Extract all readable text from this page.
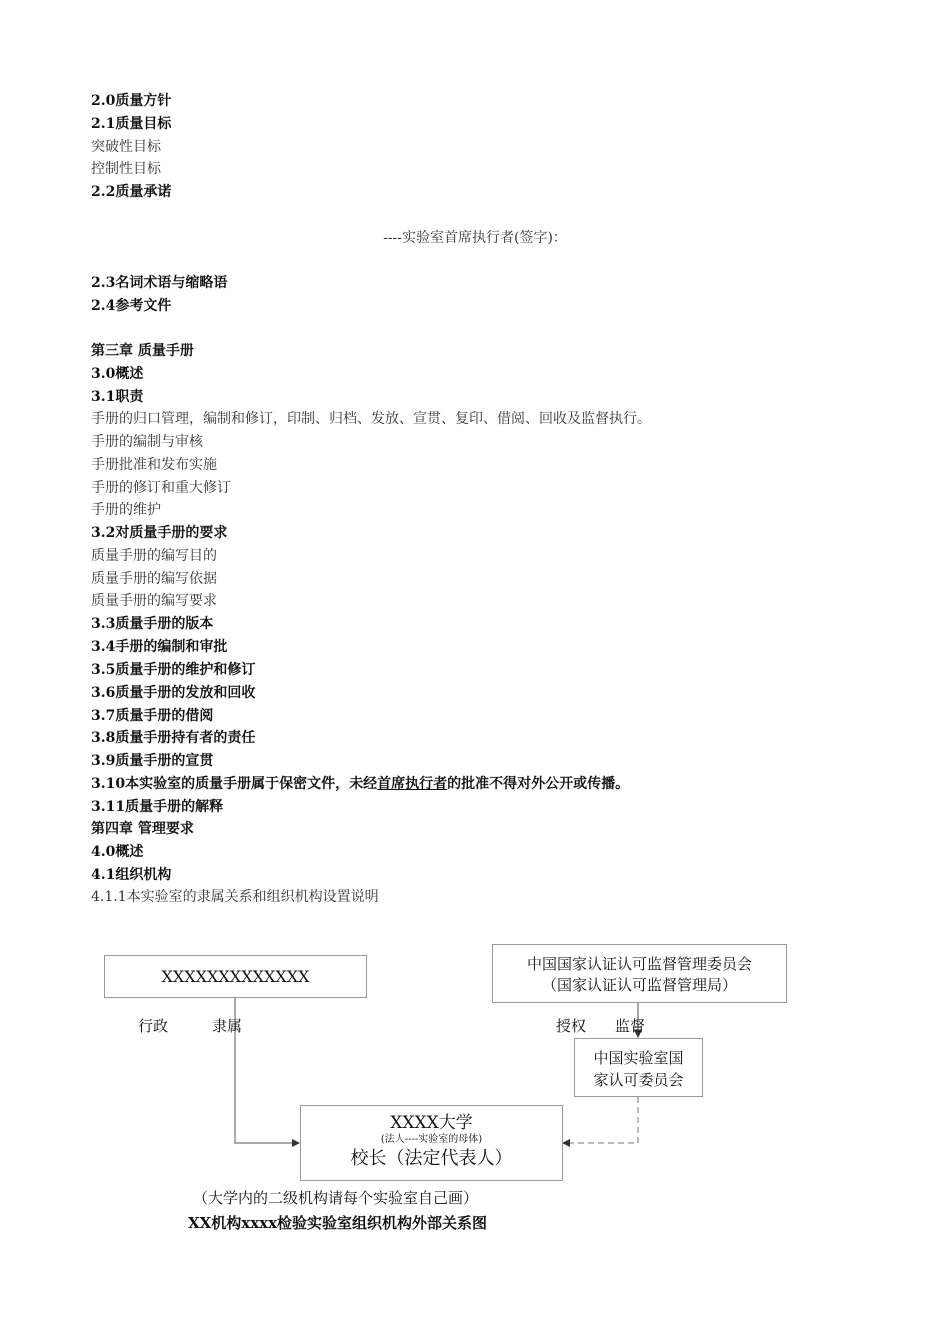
2.0质量方针
2.1质量目标
突破性目标
控制性目标
2.2质量承诺
----实验室首席执行者(签字)：
2.3名词术语与缩略语
2.4参考文件
第三章 质量手册
3.0概述
3.1职责
手册的归口管理，编制和修订，印制、归档、发放、宣贯、复印、借阅、回收及监督执行。
手册的编制与审核
手册批准和发布实施
手册的修订和重大修订
手册的维护
3.2对质量手册的要求
质量手册的编写目的
质量手册的编写依据
质量手册的编写要求
3.3质量手册的版本
3.4手册的编制和审批
3.5质量手册的维护和修订
3.6质量手册的发放和回收
3.7质量手册的借阅
3.8质量手册持有者的责任
3.9质量手册的宣贯
3.10本实验室的质量手册属于保密文件，未经首席执行者的批准不得对外公开或传播。
3.11质量手册的解释
第四章 管理要求
4.0概述
4.1组织机构
4.1.1本实验室的隶属关系和组织机构设置说明
XXXXXXXXXXXXX
中国国家认证认可监督管理委员会
（国家认证认可监督管理局）
行政	隶属	授权 监督
中国实验室国
家认可委员会
XXXX大学
(法人----实验室的母体)
校长（法定代表人）
（大学内的二级机构请每个实验室自己画）
XX机构xxxx检验实验室组织机构外部关系图
